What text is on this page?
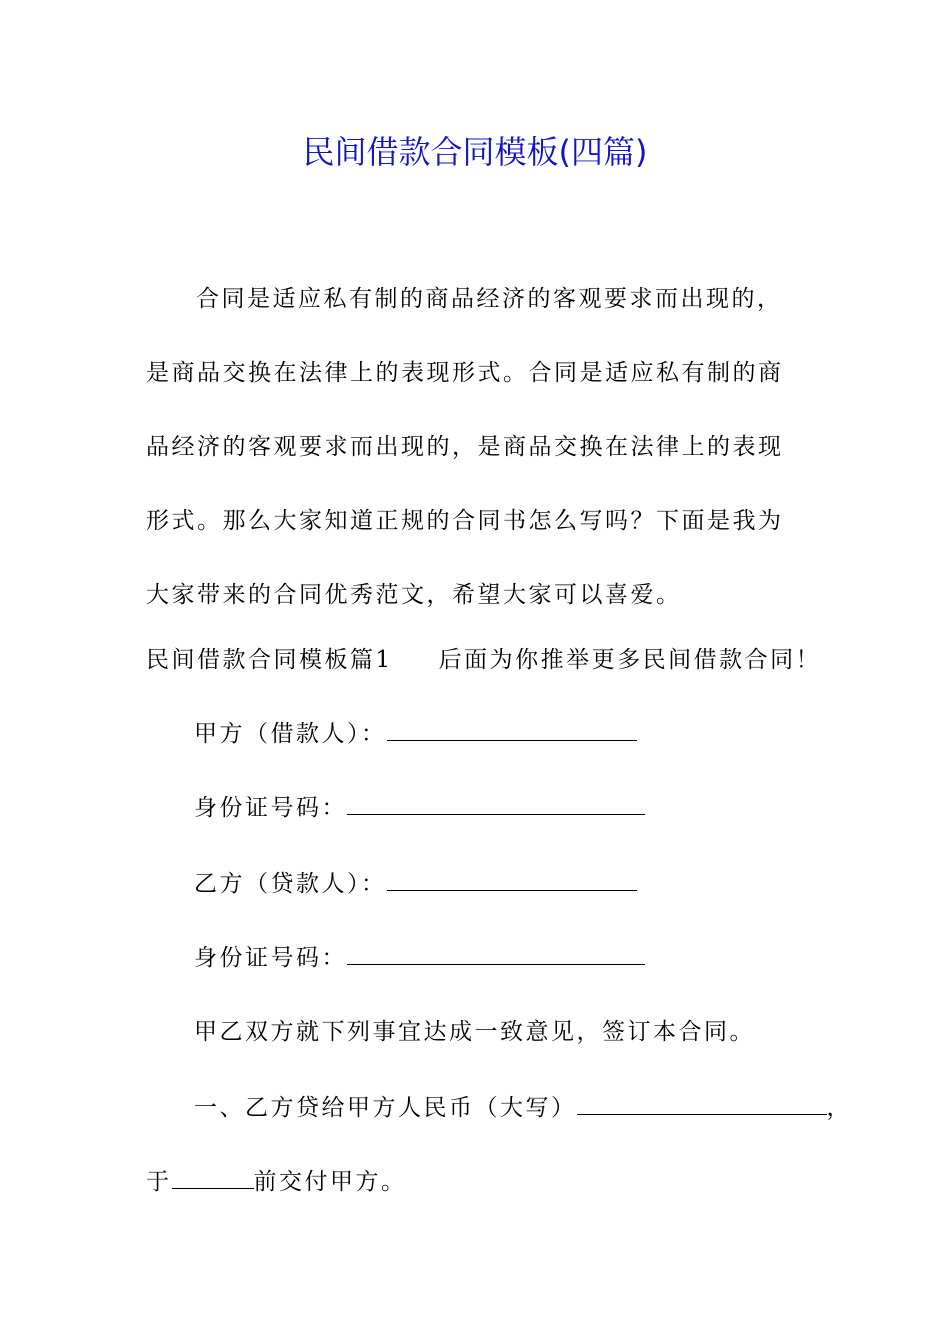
民间借款合同模板(四篇)

合同是适应私有制的商品经济的客观要求而出现的，是商品交换在法律上的表现形式。合同是适应私有制的商品经济的客观要求而出现的，是商品交换在法律上的表现形式。那么大家知道正规的合同书怎么写吗？下面是我为大家带来的合同优秀范文，希望大家可以喜爱。

民间借款合同模板篇1 后面为你推举更多民间借款合同！
甲方（借款人）：
身份证号码：
乙方（贷款人）：
身份证号码：
甲乙双方就下列事宜达成一致意见，签订本合同。
一、乙方贷给甲方人民币（大写）	，
于	前交付甲方。
